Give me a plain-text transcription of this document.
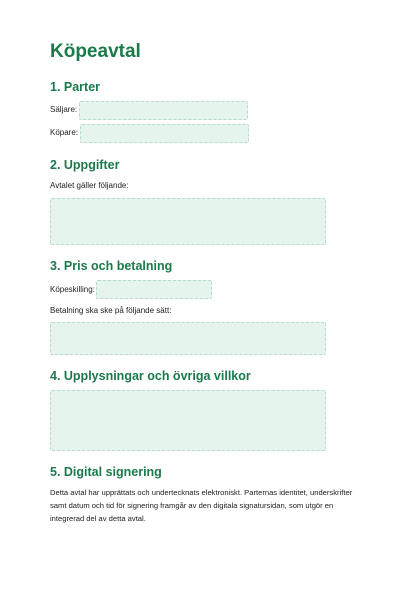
Köpeavtal
1. Parter
Säljare:
Köpare:
2. Uppgifter
Avtalet gäller följande:
3. Pris och betalning
Köpeskilling:
Betalning ska ske på följande sätt:
4. Upplysningar och övriga villkor
5. Digital signering

Detta avtal har upprättats och undertecknats elektroniskt. Parternas identitet, underskrifter samt datum och tid för signering framgår av den digitala signatursidan, som utgör en integrerad del av detta avtal.
